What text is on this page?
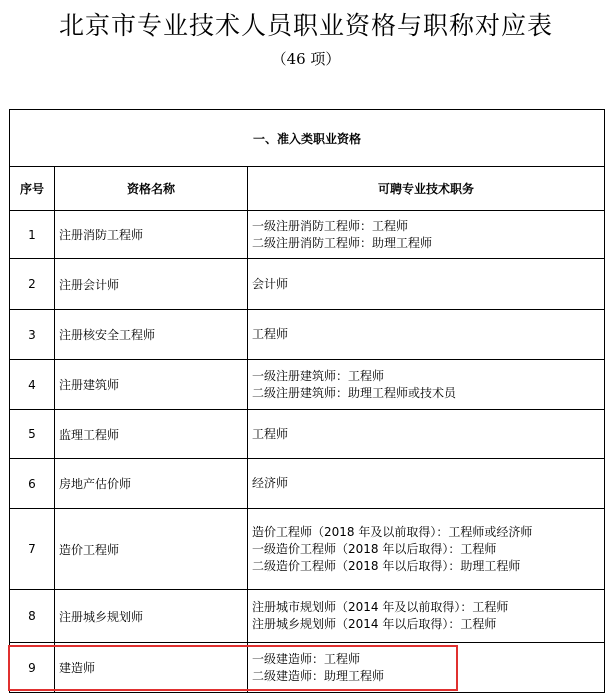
北京市专业技术人员职业资格与职称对应表
（46 项）
一、准入类职业资格		
序号	资格名称	可聘专业技术职务
1	注册消防工程师	一级注册消防工程师：工程师
二级注册消防工程师：助理工程师

2	注册会计师	会计师

3	注册核安全工程师	工程师

4	注册建筑师	一级注册建筑师：工程师
二级注册建筑师：助理工程师或技术员

5	监理工程师	工程师

6	房地产估价师	经济师

7	造价工程师	造价工程师（2018 年及以前取得）：工程师或经济师
一级造价工程师（2018 年以后取得）：工程师
二级造价工程师（2018 年以后取得）：助理工程师

8	注册城乡规划师	注册城市规划师（2014 年及以前取得）：工程师
注册城乡规划师（2014 年以后取得）：工程师

9	建造师	一级建造师：工程师
二级建造师：助理工程师
